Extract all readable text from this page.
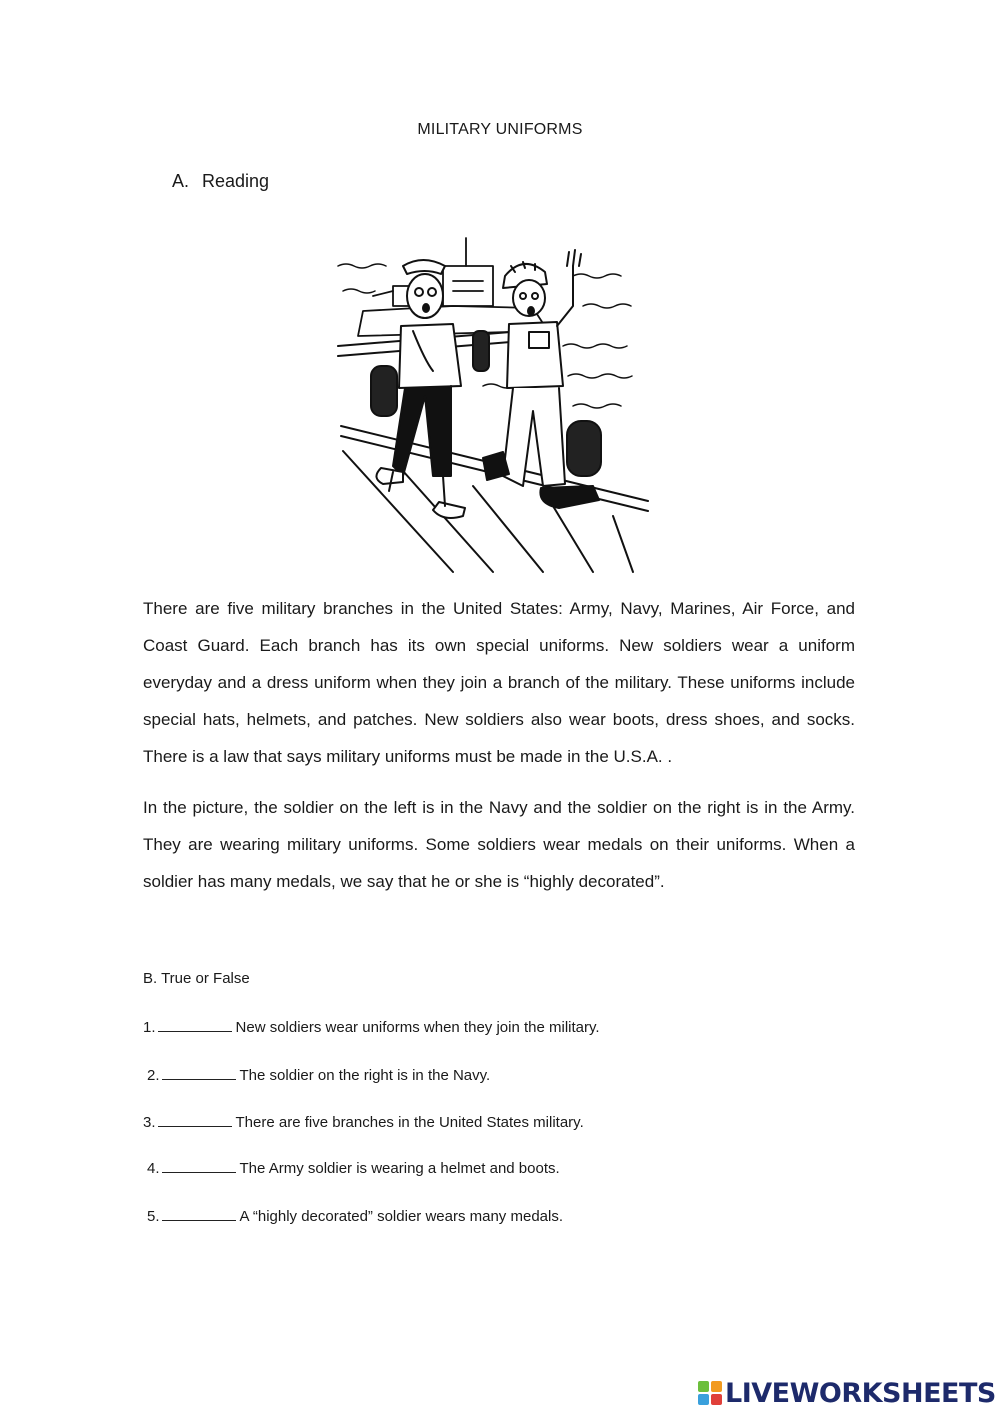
MILITARY UNIFORMS
A. Reading

There are five military branches in the United States: Army, Navy, Marines, Air Force, and Coast Guard. Each branch has its own special uniforms. New soldiers wear a uniform everyday and a dress uniform when they join a branch of the military. These uniforms include special hats, helmets, and patches. New soldiers also wear boots, dress shoes, and socks. There is a law that says military uniforms must be made in the U.S.A. .

In the picture, the soldier on the left is in the Navy and the soldier on the right is in the Army. They are wearing military uniforms. Some soldiers wear medals on their uniforms. When a soldier has many medals, we say that he or she is “highly decorated”.

B. True or False
1.	New soldiers wear uniforms when they join the military.
2.	The soldier on the right is in the Navy.
3.	There are five branches in the United States military.
4.	The Army soldier is wearing a helmet and boots.
5.	A “highly decorated” soldier wears many medals.
LIVEWORKSHEETS
